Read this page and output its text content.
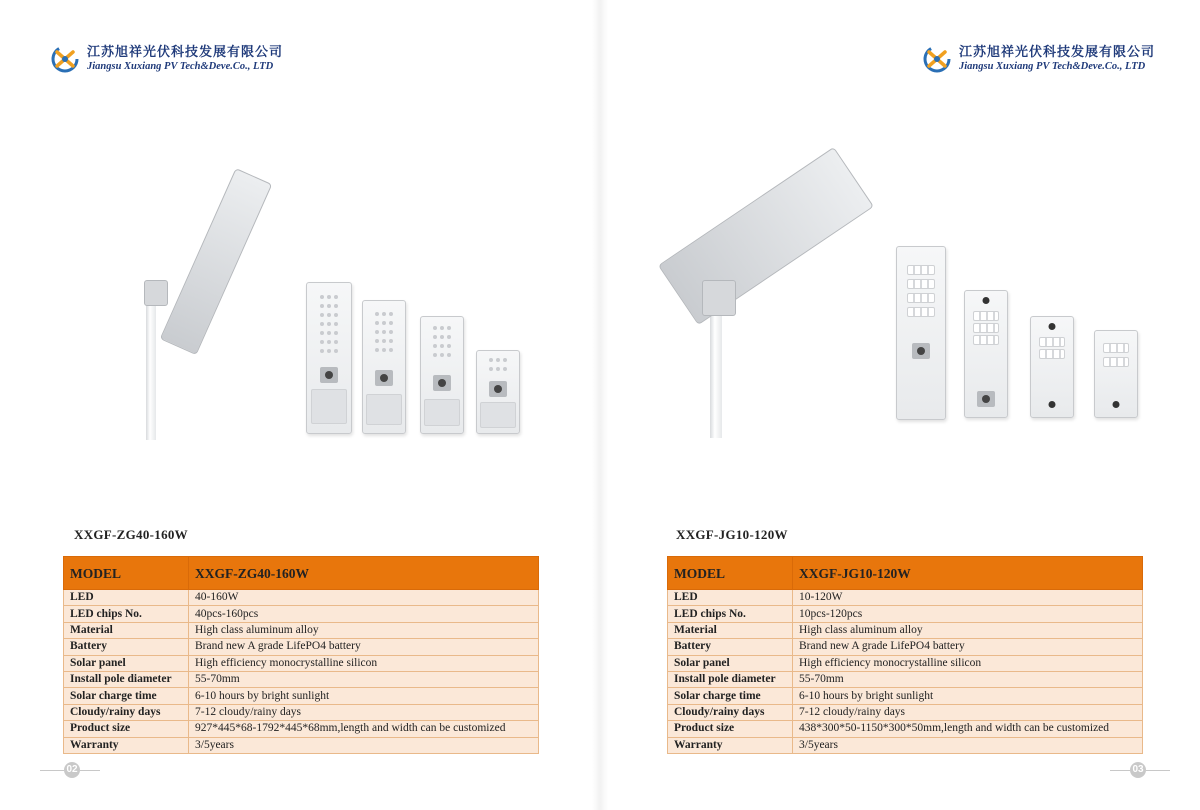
江苏旭祥光伏科技发展有限公司
Jiangsu Xuxiang PV Tech&Deve.Co., LTD
XXGF-ZG40-160W
MODEL	XXGF-ZG40-160W
LED	40-160W
LED chips No.	40pcs-160pcs
Material	High class aluminum alloy
Battery	Brand new A grade LifePO4 battery
Solar panel	High efficiency monocrystalline silicon
Install pole diameter	55-70mm
Solar charge time	6-10 hours by bright sunlight
Cloudy/rainy days	7-12 cloudy/rainy days
Product size	927*445*68-1792*445*68mm,length and width can be customized
Warranty	3/5years
02
江苏旭祥光伏科技发展有限公司
Jiangsu Xuxiang PV Tech&Deve.Co., LTD
XXGF-JG10-120W
MODEL	XXGF-JG10-120W
LED	10-120W
LED chips No.	10pcs-120pcs
Material	High class aluminum alloy
Battery	Brand new A grade LifePO4 battery
Solar panel	High efficiency monocrystalline silicon
Install pole diameter	55-70mm
Solar charge time	6-10 hours by bright sunlight
Cloudy/rainy days	7-12 cloudy/rainy days
Product size	438*300*50-1150*300*50mm,length and width can be customized
Warranty	3/5years
03
